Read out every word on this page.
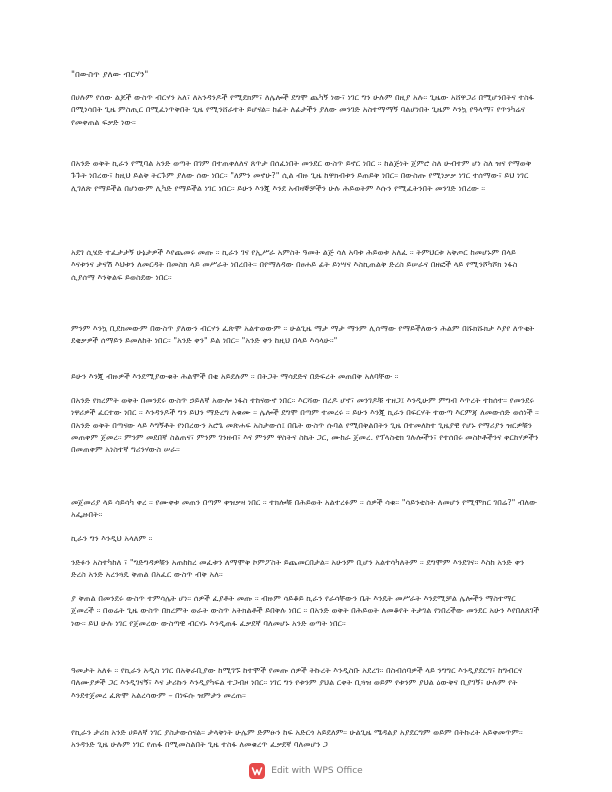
"በውስጥ ያለው ብርሃን"

በሀሉም የሰው ልጆች ውስጥ ብርሃን አለ፣ ለአንዳንዶች የሚደክም፣ ለሌሎች ደግሞ ጨካኝ ነው፣ ነገር ግን ሁሉም በዚያ አሉ። ጊዜው አሸዋጋሪ በሚሆንበትና ተስፋ በሚነሳበት ጊዜ ምስጢር በሚፈነጥቅበት ጊዜ የሚንሸራተት ይሆናል። ከፊት ለፊታችን ያለው መንገድ አስተማማኝ ባልሆነበት ጊዜም እንኳ የዓላማ፣ የጥንካሬና የመቀጠል ፍቃድ ነው።

በአንድ ወቅት ኪራን የሚባል አንድ ወጣት በገም በተጠቀለለና ጸጥታ በሰፈነበት መንደር ውስጥ ይኖር ነበር ። ከልጅነት ጀምሮ ስለ ሁብተም ሆነ ስለ ዝና የማወቅ ጉጉት ነበረው፣ ከዚህ ይልቅ ትርጉም ያለው ሰው ነበር። "ለምን መኖሁ?" ሲል ብዙ ጊዜ ከዋክብቱን ይጠይቅ ነበር። በውስጡ የሚነቃቃ ነገር ተሰማው፣ ይህ ነገር ሊገለጽ የማይችል በሆነውም ሊካድ የማይችል ነገር ነበር። ይሁን እንጂ እንደ አብዛኞቻችን ሁሉ ሕይወትም እሱን የሚፈትንበት መንገድ ነበረው ።

አደገ ሲሄድ ተፈታታኝ ሁኔታዎች እየጨመሩ መጡ ። ኪራን ገና የኢሥራ አምስት ዓመት ልጅ ሳለ አባቱ ሕይወቱ አለፈ ። ትምህርቱ አቅጦር ከመሆኑም በላይ እናቱንና ታናሽ እህቱን ለመርዳት በመስክ ላይ መሥራት ነበረበት። በየማለዳው በፀሐይ ፊት ይነሣና እስኪጠልቅ ድረስ ይሠራና በዘፎች ላይ የሚንሾካሾክ ነፋስ ሲያሰማ እንቅልፍ ይወስደው ነበር።

ምንም እንኳ ቢደክመውም በውስጥ ያለውን ብርሃን ፈጽሞ አልተወውም ። ሁልጊዜ ማታ ማታ ማንም ሊሰማው የማይችለውን ሕልም በሹክሹክታ እያየ ለጥቂት ደቂቃዎች ሰማይን ይመለከት ነበር። "አንድ ቀን" ይል ነበር። "አንድ ቀን ከዚህ በላይ እሳላሁ።"

ይሁን እንጂ ብዙዎች እንደሚያውቁት ሕልሞች በቂ አይደሉም ። በትጋት ማሳደድና በድፍረት መጠበቅ አለባቸው ።

በአንድ የክረምት ወቅት በመንደሩ ውስጥ ኃይለኛ አውሎ ነፋስ ተከናውኖ ነበር። እርሻው በረዶ ሆኖ፣ መንገዶቹ ተዘጋ፤ እንዲሁም ምግብ እጥረት ተከሰተ። የመንደሩ ነዋሪዎች ፈርተው ነበር ። እንዳንዶች ግን ይህን ማድረግ አቁሙ ። ሌሎች ደግሞ በጣም ተመረሩ ። ይሁን እንጂ ኪራን በፍርሃት ተውጣ እርምጃ ለመውሰድ ወሰነች ። በአንድ ወቅት በጣናው ላይ እግኝቶት የነበረውን አሮጌ መጽሐፍ አስታውሰ፤ በቤት ውስጥ ሱባል የሚበቅልበትን ጊዜ በተመለከተ ጊዜያዊ የሆኑ የማሪያን ዝርዎቹን መጠቀም ጀመረ። ምንም መደበኛ ስልጠና፣ ምንም ገንዘብ፣ እና ምንም ዋስትና ስኬት ጋር, ሙከራ ጀመረ. የፕላስቲክ ገሉሎችን፣ የተሰበሩ መስኮቶችንና ቀርከሃዎችን በመጠቀም አነስተኛ ግሪንሃውስ ሠራ።

መጀመሪያ ላይ ሳይሳካ ቀረ ። የሙቀቱ መጠን በጣም ቀዝቃዛ ነበር ። ተክሎቹ በሕይወት አልተረፉም ። ሰዎች ሳቁ። "ሳይንቲስት ለመሆን የሚሞክር ገበሬ?" ብለው አፌዙበት።

ኪራን ግን እንዲህ አላለም ።

ንድፉን አስተካከለ ፣ "ግድግዳዎቹን አጠከከረ መፈቱን ለማሞቅ ኮምፖስት ይጨመርበታል። አሁንም ቢሆን አልተሳካለትም ። ደግሞም እንደገና። እስከ አንድ ቀን ድረስ አንድ አረንጓዴ ቅጠል በአፈር ውስጥ ብቅ አለ።

ያ ቅጠል በመንደሩ ውስጥ ተምሳሌት ሆነ። ሰዎች ፈያቶት መጡ ። ብዙም ሳይቆይ ኪራን የራሳቸውን ቤት እንዴት መሥራት እንደሚቻል ሌሎችን ማስተማር ጀመረች ። በወሬት ጊዜ ውስጥ በክረምት ወራት ውስጥ አትክልቶች ይበቅሉ ነበር ። በአንድ ወቅት በሕይወት ለመቆየት ትታገል የነበረችው መንደር አሁን እየበለጸገች ነው። ይህ ሁሉ ነገር የጀመረው ውስጣዊ ብርሃኑ እንዲጠፋ ፈቃደኛ ባለመሆኑ አንድ ወጣት ነበር።

ዓመታት አለፉ ። የኪራን አዲስ ነገር በአቅራቢያው ከሚገኙ ከተሞች የመጡ ሰዎች ትኩረት እንዲስቡ አደረገ። በስብሰባዎች ላይ ንግግር እንዲያደርግ፣ ከግብርና ባለሙያዎች ጋር እንዲገናኝ፣ እና ታሪኩን እንዲያካፍል ተጋብዞ ነበር። ነገር ግን የቱንም ያህል ርቀት ቢጓዝ ወይም የቱንም ያህል ዕውቅና ቢያገኝ፣ ሁሉም የት እንደተጀመረ ፈጽሞ አልረሳውም – በነፍሱ ዝምታን መረጠ።

የኪራን ታሪክ አንድ ሀይለኛ ነገር ያስታውሰናል። ታላቅነት ሁሌም ድምፁን ከፍ አድርጎ አይደለም። ሁልጊዜ ሜዳልያ አያደርግም ወይም በትኩረት አይቀመጥም። አንዳንድ ጊዜ ሁሉም ነገር የጠፋ በሚመስልበት ጊዜ ተስፋ ለመቁረጥ ፈቃደኛ ባለመሆን ጋ

Edit with WPS Office
